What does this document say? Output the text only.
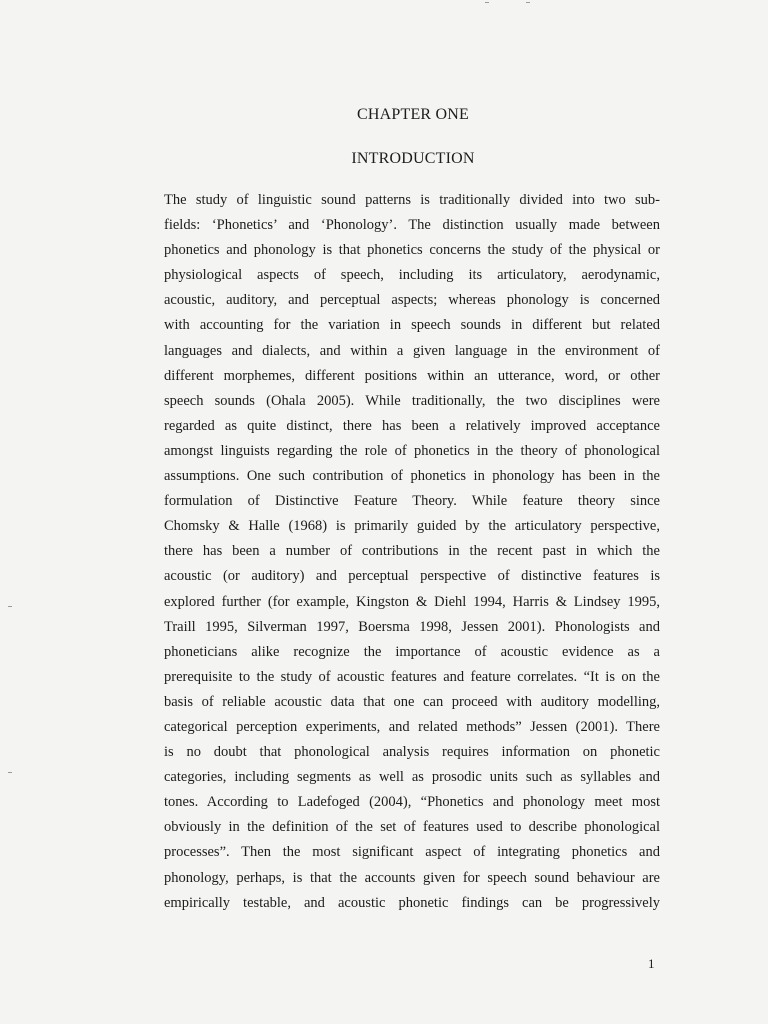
CHAPTER ONE
INTRODUCTION
The study of linguistic sound patterns is traditionally divided into two sub-
fields: ‘Phonetics’ and ‘Phonology’. The distinction usually made between
phonetics and phonology is that phonetics concerns the study of the physical or
physiological aspects of speech, including its articulatory, aerodynamic,
acoustic, auditory, and perceptual aspects; whereas phonology is concerned
with accounting for the variation in speech sounds in different but related
languages and dialects, and within a given language in the environment of
different morphemes, different positions within an utterance, word, or other
speech sounds (Ohala 2005). While traditionally, the two disciplines were
regarded as quite distinct, there has been a relatively improved acceptance
amongst linguists regarding the role of phonetics in the theory of phonological
assumptions. One such contribution of phonetics in phonology has been in the
formulation of Distinctive Feature Theory. While feature theory since
Chomsky & Halle (1968) is primarily guided by the articulatory perspective,
there has been a number of contributions in the recent past in which the
acoustic (or auditory) and perceptual perspective of distinctive features is
explored further (for example, Kingston & Diehl 1994, Harris & Lindsey 1995,
Traill 1995, Silverman 1997, Boersma 1998, Jessen 2001). Phonologists and
phoneticians alike recognize the importance of acoustic evidence as a
prerequisite to the study of acoustic features and feature correlates. “It is on the
basis of reliable acoustic data that one can proceed with auditory modelling,
categorical perception experiments, and related methods” Jessen (2001). There
is no doubt that phonological analysis requires information on phonetic
categories, including segments as well as prosodic units such as syllables and
tones. According to Ladefoged (2004), “Phonetics and phonology meet most
obviously in the definition of the set of features used to describe phonological
processes”. Then the most significant aspect of integrating phonetics and
phonology, perhaps, is that the accounts given for speech sound behaviour are
empirically testable, and acoustic phonetic findings can be progressively
1
